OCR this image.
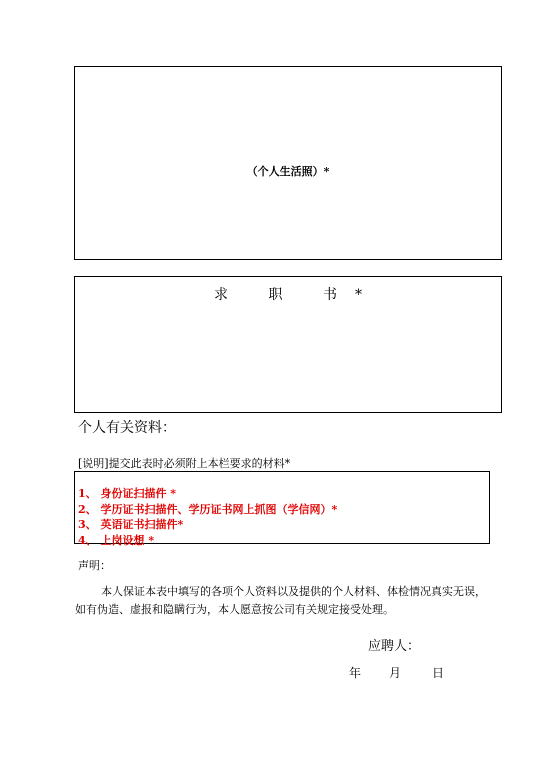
（个人生活照）*
求 职 书*
个人有关资料：
[说明]提交此表时必须附上本栏要求的材料*
1、 身份证扫描件 *
2、 学历证书扫描件、学历证书网上抓图（学信网）*
3、 英语证书扫描件*
4、 上岗设想 *
声明：
本人保证本表中填写的各项个人资料以及提供的个人材料、体检情况真实无误，如有伪造、虚报和隐瞒行为，本人愿意按公司有关规定接受处理。
应聘人：
年 月	日
